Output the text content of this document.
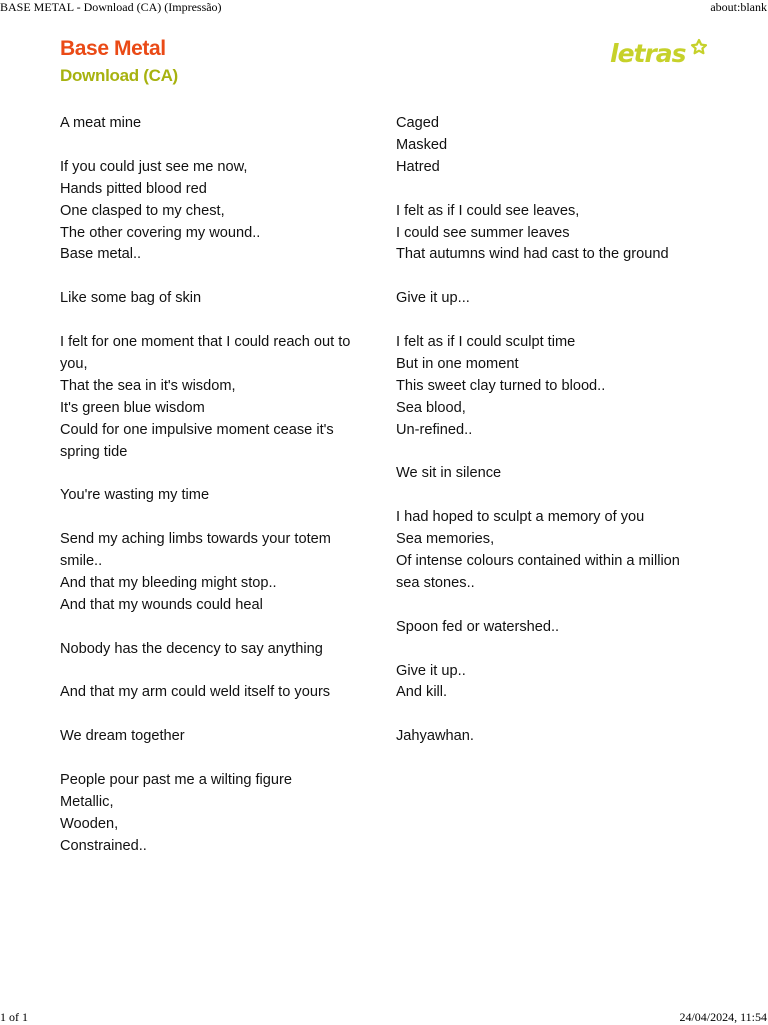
BASE METAL - Download (CA) (Impressão)	about:blank
Base Metal
Download (CA)
letras
A meat mine
If you could just see me now,
Hands pitted blood red
One clasped to my chest,
The other covering my wound..
Base metal..
Like some bag of skin
I felt for one moment that I could reach out to
you,
That the sea in it's wisdom,
It's green blue wisdom
Could for one impulsive moment cease it's
spring tide
You're wasting my time
Send my aching limbs towards your totem
smile..
And that my bleeding might stop..
And that my wounds could heal
Nobody has the decency to say anything
And that my arm could weld itself to yours
We dream together
People pour past me a wilting figure
Metallic,
Wooden,
Constrained..
Caged
Masked
Hatred
I felt as if I could see leaves,
I could see summer leaves
That autumns wind had cast to the ground
Give it up...
I felt as if I could sculpt time
But in one moment
This sweet clay turned to blood..
Sea blood,
Un-refined..
We sit in silence
I had hoped to sculpt a memory of you
Sea memories,
Of intense colours contained within a million
sea stones..
Spoon fed or watershed..
Give it up..
And kill.
Jahyawhan.
1 of 1	24/04/2024, 11:54
